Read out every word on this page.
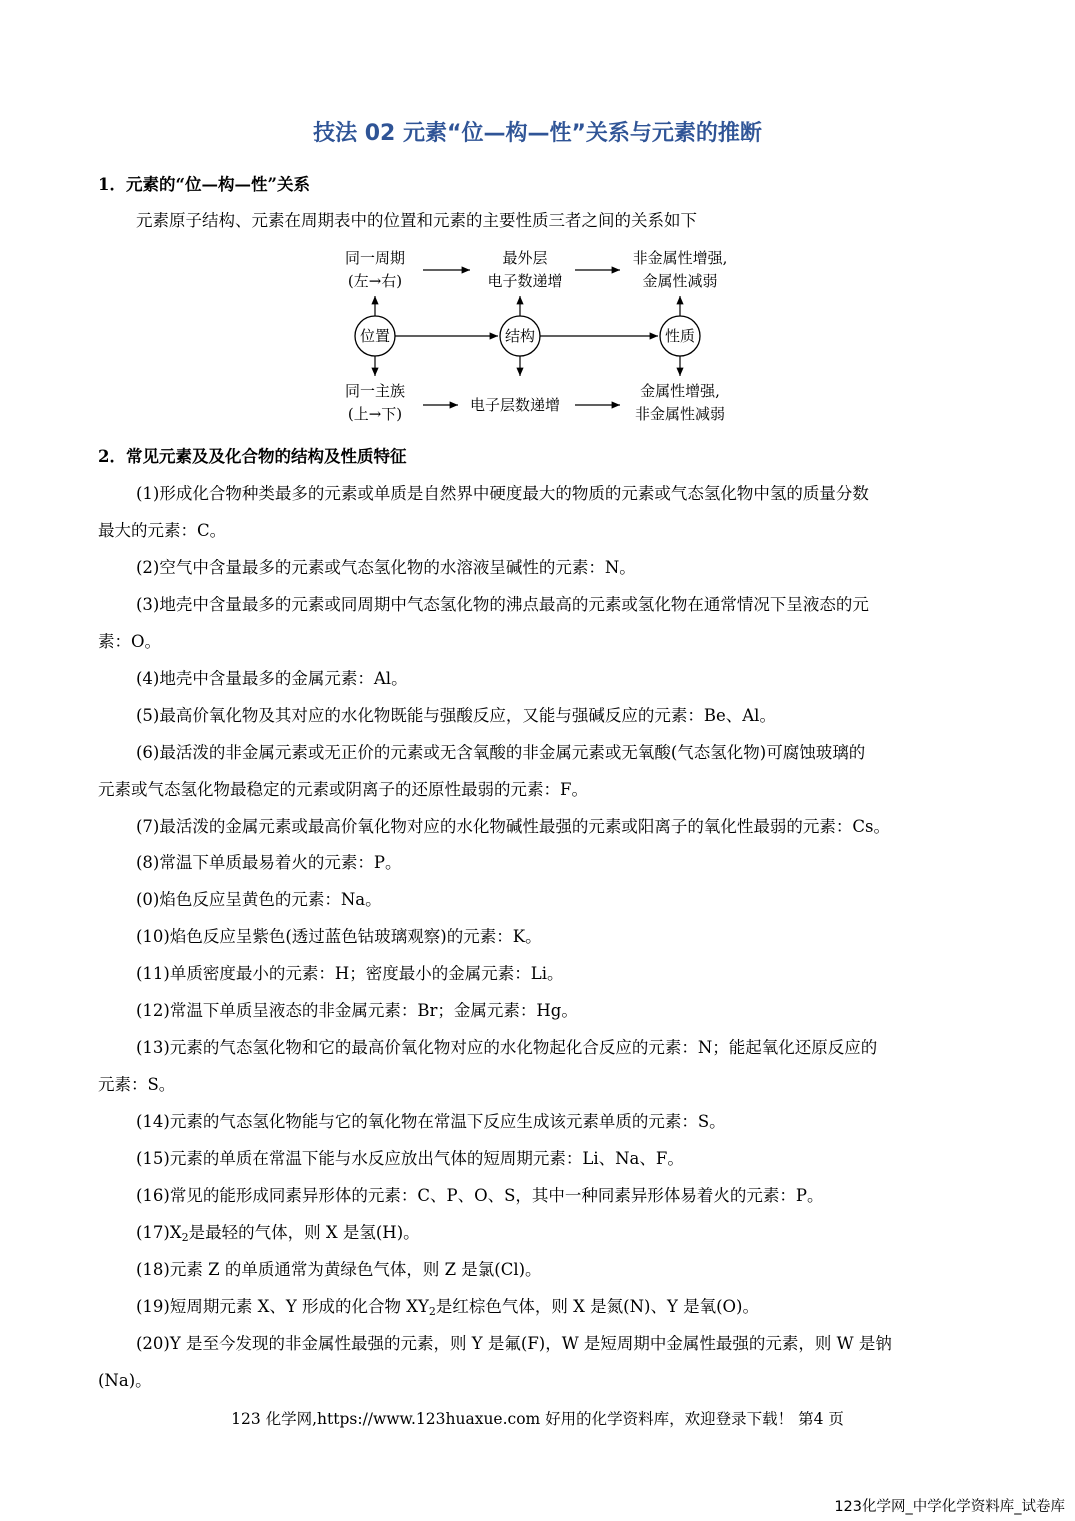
技法 02 元素“位—构—性”关系与元素的推断
1．元素的“位—构—性”关系
元素原子结构、元素在周期表中的位置和元素的主要性质三者之间的关系如下
位置	结构	性质
同一周期
(左→右)
最外层
电子数递增
非金属性增强,
金属性减弱
同一主族
(上→下)	电子层数递增
金属性增强,
非金属性减弱
2．常见元素及及化合物的结构及性质特征
(1)形成化合物种类最多的元素或单质是自然界中硬度最大的物质的元素或气态氢化物中氢的质量分数
最大的元素：C。
(2)空气中含量最多的元素或气态氢化物的水溶液呈碱性的元素：N。
(3)地壳中含量最多的元素或同周期中气态氢化物的沸点最高的元素或氢化物在通常情况下呈液态的元
素：O。
(4)地壳中含量最多的金属元素：Al。
(5)最高价氧化物及其对应的水化物既能与强酸反应，又能与强碱反应的元素：Be、Al。
(6)最活泼的非金属元素或无正价的元素或无含氧酸的非金属元素或无氧酸(气态氢化物)可腐蚀玻璃的
元素或气态氢化物最稳定的元素或阴离子的还原性最弱的元素：F。
(7)最活泼的金属元素或最高价氧化物对应的水化物碱性最强的元素或阳离子的氧化性最弱的元素：Cs。
(8)常温下单质最易着火的元素：P。
(0)焰色反应呈黄色的元素：Na。
(10)焰色反应呈紫色(透过蓝色钴玻璃观察)的元素：K。
(11)单质密度最小的元素：H；密度最小的金属元素：Li。
(12)常温下单质呈液态的非金属元素：Br；金属元素：Hg。
(13)元素的气态氢化物和它的最高价氧化物对应的水化物起化合反应的元素：N；能起氧化还原反应的
元素：S。
(14)元素的气态氢化物能与它的氧化物在常温下反应生成该元素单质的元素：S。
(15)元素的单质在常温下能与水反应放出气体的短周期元素：Li、Na、F。
(16)常见的能形成同素异形体的元素：C、P、O、S，其中一种同素异形体易着火的元素：P。
$(17)X_2$是最轻的气体，则 X 是氢(H)。
(18)元素 Z 的单质通常为黄绿色气体，则 Z 是氯(Cl)。
(19)短周期元素 X、Y 形成的化合物 $XY_2$是红棕色气体，则 X 是氮(N)、Y 是氧(O)。
(20)Y 是至今发现的非金属性最强的元素，则 Y 是氟(F)，W 是短周期中金属性最强的元素，则 W 是钠
(Na)。
123 化学网,https://www.123huaxue.com 好用的化学资料库，欢迎登录下载！ 第4 页
123化学网_中学化学资料库_试卷库
